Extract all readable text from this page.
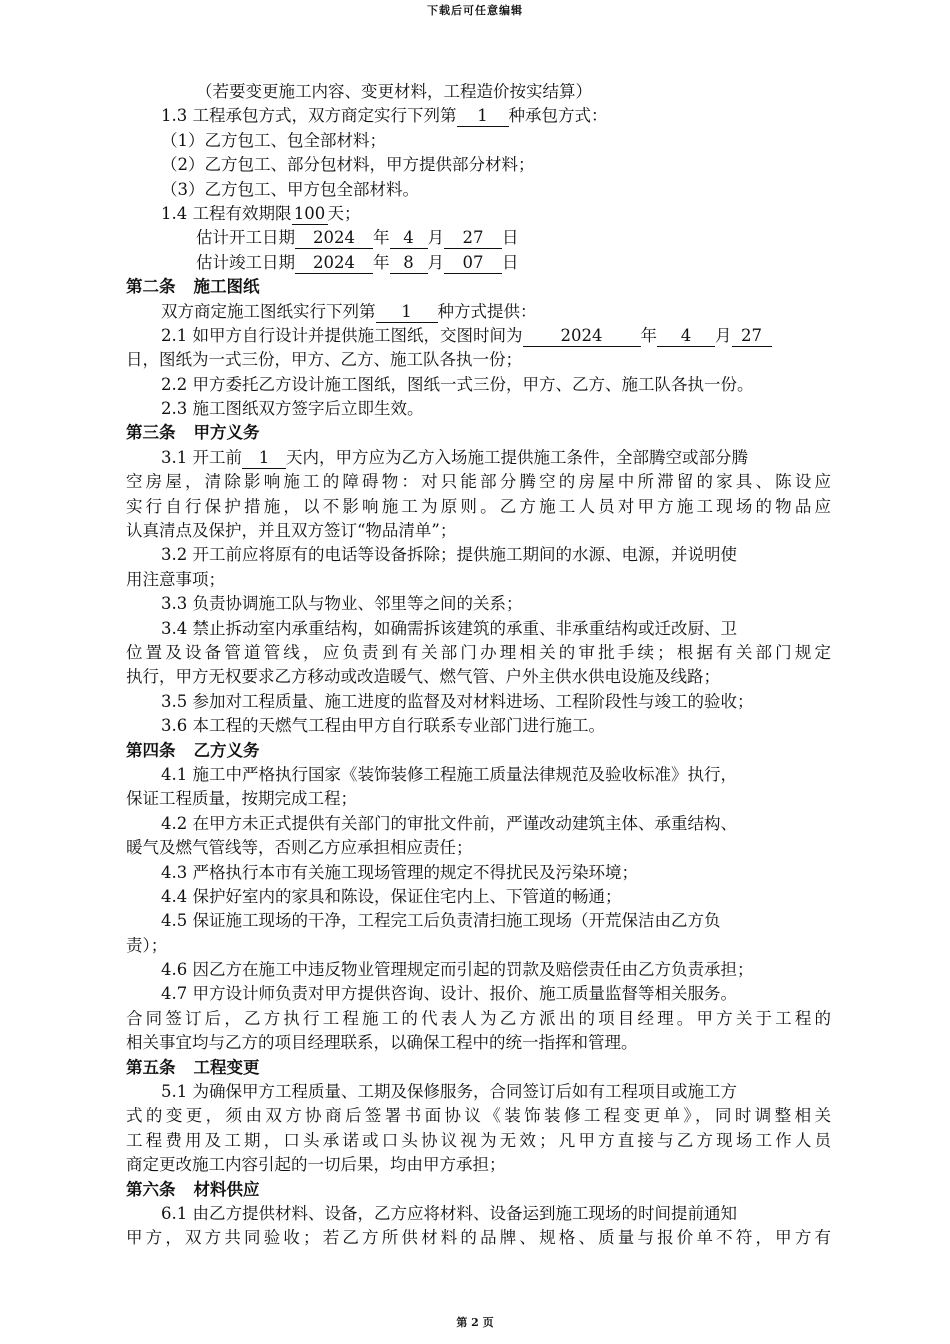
下载后可任意编辑
（若要变更施工内容、变更材料，工程造价按实结算）
1.3 工程承包方式，双方商定实行下列第 1 种承包方式：
（1）乙方包工、包全部材料；
（2）乙方包工、部分包材料，甲方提供部分材料；
（3）乙方包工、甲方包全部材料。
1.4 工程有效期限 100 天；
估计开工日期 2024 年 4 月 27 日
估计竣工日期 2024 年 8 月 07 日
第二条 施工图纸
双方商定施工图纸实行下列第 1 种方式提供：
2.1 如甲方自行设计并提供施工图纸，交图时间为 2024 年 4 月 27
日，图纸为一式三份，甲方、乙方、施工队各执一份；
2.2 甲方委托乙方设计施工图纸，图纸一式三份，甲方、乙方、施工队各执一份。
2.3 施工图纸双方签字后立即生效。
第三条 甲方义务
3.1 开工前 1 天内，甲方应为乙方入场施工提供施工条件，全部腾空或部分腾
空房屋，清除影响施工的障碍物：对只能部分腾空的房屋中所滞留的家具、陈设应
实行自行保护措施，以不影响施工为原则。乙方施工人员对甲方施工现场的物品应
认真清点及保护，并且双方签订“物品清单”；
3.2 开工前应将原有的电话等设备拆除；提供施工期间的水源、电源，并说明使
用注意事项；
3.3 负责协调施工队与物业、邻里等之间的关系；
3.4 禁止拆动室内承重结构，如确需拆该建筑的承重、非承重结构或迁改厨、卫
位置及设备管道管线，应负责到有关部门办理相关的审批手续；根据有关部门规定
执行，甲方无权要求乙方移动或改造暖气、燃气管、户外主供水供电设施及线路；
3.5 参加对工程质量、施工进度的监督及对材料进场、工程阶段性与竣工的验收；
3.6 本工程的天燃气工程由甲方自行联系专业部门进行施工。
第四条 乙方义务
4.1 施工中严格执行国家《装饰装修工程施工质量法律规范及验收标准》执行，
保证工程质量，按期完成工程；
4.2 在甲方未正式提供有关部门的审批文件前，严谨改动建筑主体、承重结构、
暖气及燃气管线等，否则乙方应承担相应责任；
4.3 严格执行本市有关施工现场管理的规定不得扰民及污染环境；
4.4 保护好室内的家具和陈设，保证住宅内上、下管道的畅通；
4.5 保证施工现场的干净，工程完工后负责清扫施工现场（开荒保洁由乙方负
责）；
4.6 因乙方在施工中违反物业管理规定而引起的罚款及赔偿责任由乙方负责承担；
4.7 甲方设计师负责对甲方提供咨询、设计、报价、施工质量监督等相关服务。
合同签订后，乙方执行工程施工的代表人为乙方派出的项目经理。甲方关于工程的
相关事宜均与乙方的项目经理联系，以确保工程中的统一指挥和管理。
第五条 工程变更
5.1 为确保甲方工程质量、工期及保修服务，合同签订后如有工程项目或施工方
式的变更，须由双方协商后签署书面协议《装饰装修工程变更单》，同时调整相关
工程费用及工期，口头承诺或口头协议视为无效；凡甲方直接与乙方现场工作人员
商定更改施工内容引起的一切后果，均由甲方承担；
第六条 材料供应
6.1 由乙方提供材料、设备，乙方应将材料、设备运到施工现场的时间提前通知
甲方，双方共同验收；若乙方所供材料的品牌、规格、质量与报价单不符，甲方有
第 2 页
